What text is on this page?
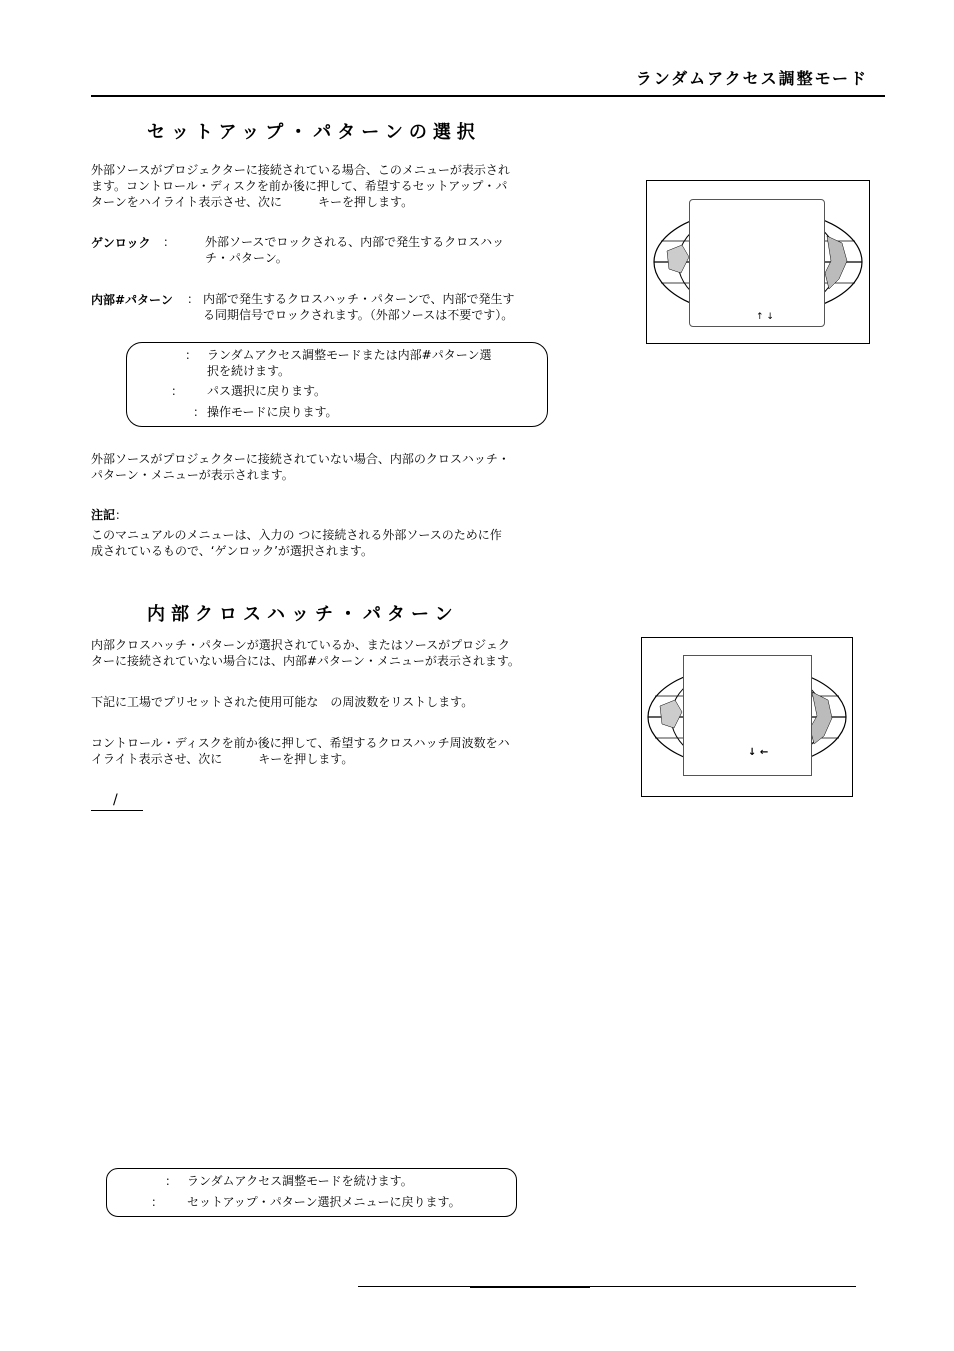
ランダムアクセス調整モード
セットアップ・パターンの選択
外部ソースがプロジェクターに接続されている場合、このメニューが表示され
ます。コントロール・ディスクを前か後に押して、希望するセットアップ・パ
ターンをハイライト表示させ、次に　　　キーを押します。
ゲンロック ： 外部ソースでロックされる、内部で発生するクロスハッ
チ・パターン。
内部#パターン ： 内部で発生するクロスハッチ・パターンで、内部で発生す
る同期信号でロックされます。（外部ソースは不要です）。
： ランダムアクセス調整モードまたは内部#パターン選
択を続けます。
： パス選択に戻ります。
： 操作モードに戻ります。
外部ソースがプロジェクターに接続されていない場合、内部のクロスハッチ・
パターン・メニューが表示されます。
注記：
このマニュアルのメニューは、入力の つに接続される外部ソースのために作
成されているもので、‘ゲンロック’が選択されます。
内部クロスハッチ・パターン
内部クロスハッチ・パターンが選択されているか、またはソースがプロジェク
ターに接続されていない場合には、内部#パターン・メニューが表示されます。
下記に工場でプリセットされた使用可能な　の周波数をリストします。
コントロール・ディスクを前か後に押して、希望するクロスハッチ周波数をハ
イライト表示させ、次に　　　キーを押します。
/
： ランダムアクセス調整モードを続けます。
： セットアップ・パターン選択メニューに戻ります。
↑ ↓
↓ ←
